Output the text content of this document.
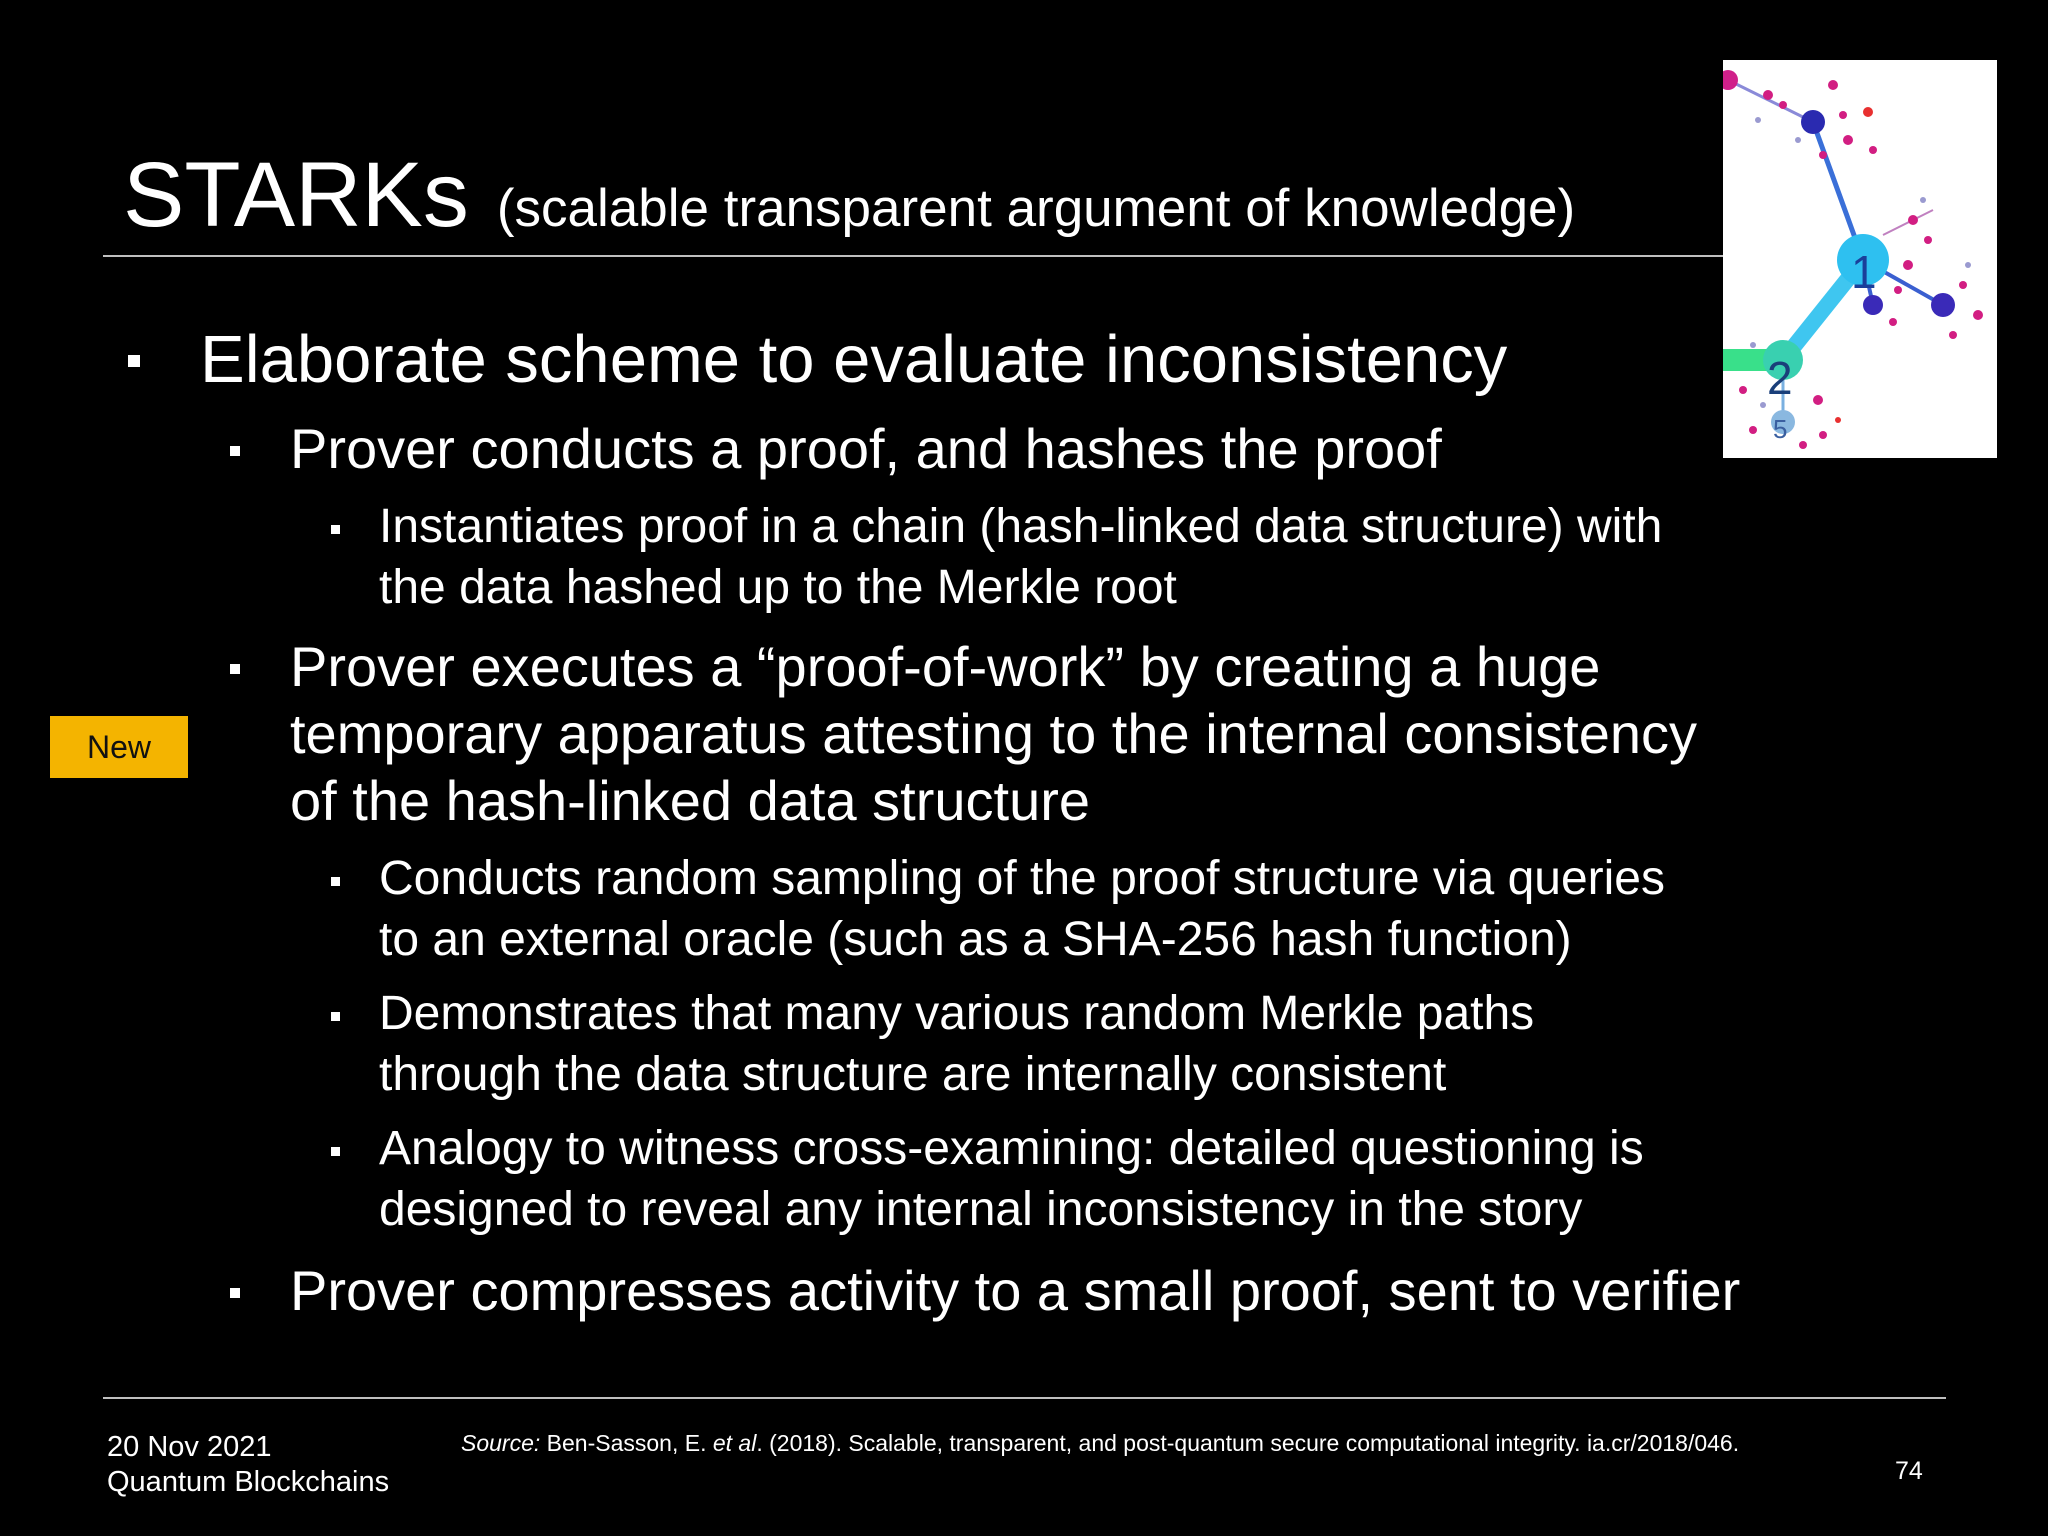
STARKs (scalable transparent argument of knowledge)
1
2
5
Elaborate scheme to evaluate inconsistency
Prover conducts a proof, and hashes the proof
Instantiates proof in a chain (hash-linked data structure) with
the data hashed up to the Merkle root
Prover executes a “proof-of-work” by creating a huge
temporary apparatus attesting to the internal consistency
of the hash-linked data structure
Conducts random sampling of the proof structure via queries
to an external oracle (such as a SHA-256 hash function)
Demonstrates that many various random Merkle paths
through the data structure are internally consistent
Analogy to witness cross-examining: detailed questioning is
designed to reveal any internal inconsistency in the story
Prover compresses activity to a small proof, sent to verifier
New
20 Nov 2021
Quantum Blockchains
Source: Ben-Sasson, E. et al. (2018). Scalable, transparent, and post-quantum secure computational integrity. ia.cr/2018/046.
74
